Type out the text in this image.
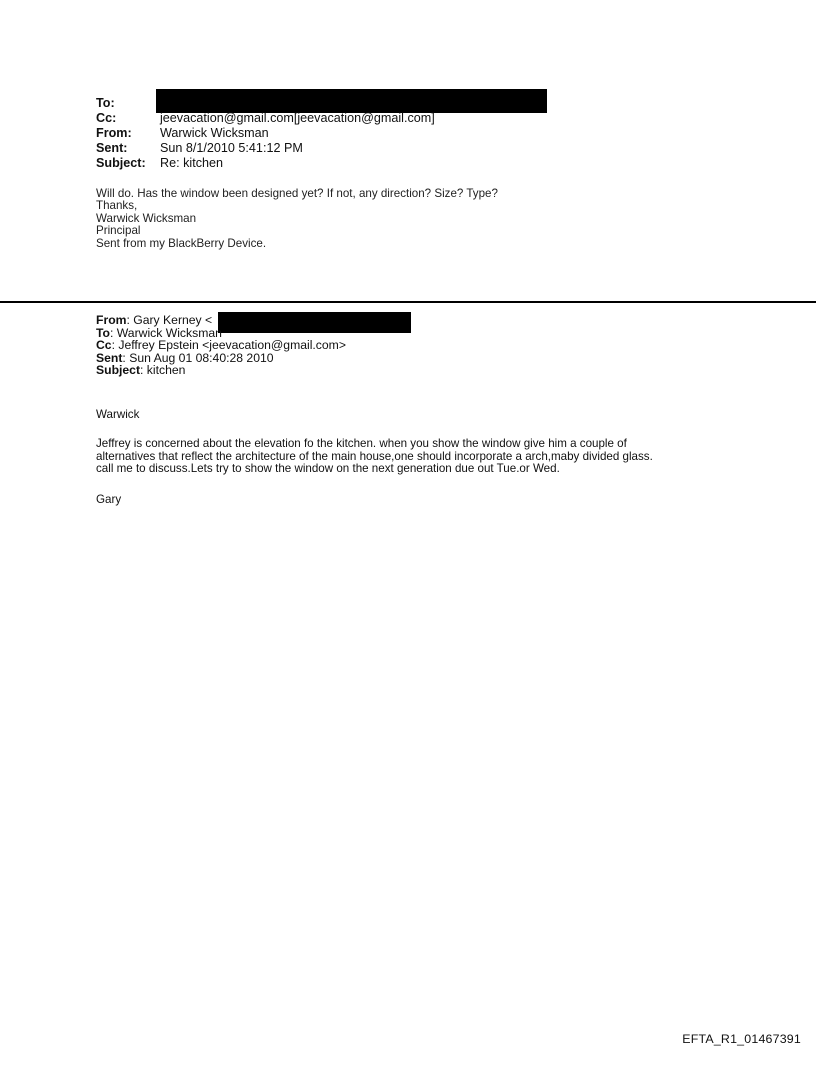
To:
Cc:	jeevacation@gmail.com[jeevacation@gmail.com]
From:	Warwick Wicksman
Sent:	Sun 8/1/2010 5:41:12 PM
Subject:	Re: kitchen
Will do. Has the window been designed yet? If not, any direction? Size? Type?
Thanks,
Warwick Wicksman
Principal
Sent from my BlackBerry Device.
From: Gary Kerney <
To: Warwick Wicksman
Cc: Jeffrey Epstein <jeevacation@gmail.com>
Sent: Sun Aug 01 08:40:28 2010
Subject: kitchen
Warwick
Jeffrey is concerned about the elevation fo the kitchen. when you show the window give him a couple of
alternatives that reflect the architecture of the main house,one should incorporate a arch,maby divided glass.
call me to discuss.Lets try to show the window on the next generation due out Tue.or Wed.
Gary
EFTA_R1_01467391
